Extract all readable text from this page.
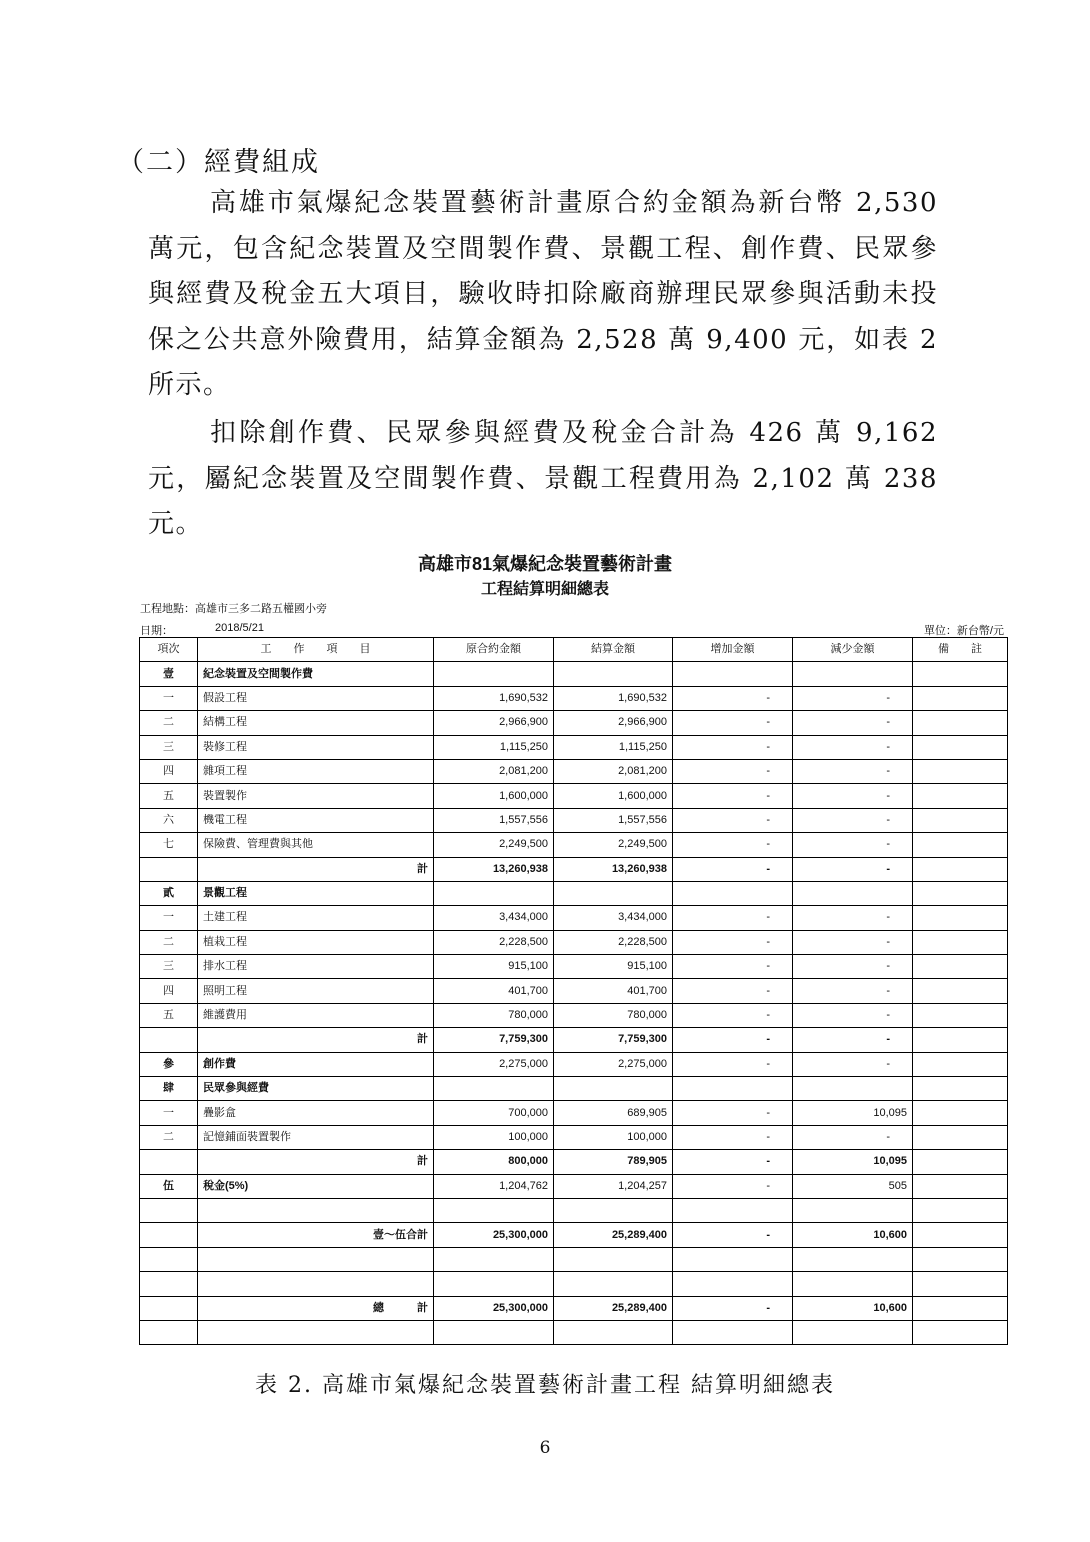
（二）經費組成
高雄市氣爆紀念裝置藝術計畫原合約金額為新台幣 2,530 萬元，包含紀念裝置及空間製作費、景觀工程、創作費、民眾參與經費及稅金五大項目，驗收時扣除廠商辦理民眾參與活動未投保之公共意外險費用，結算金額為 2,528 萬 9,400 元，如表 2 所示。
扣除創作費、民眾參與經費及稅金合計為 426 萬 9,162 元，屬紀念裝置及空間製作費、景觀工程費用為 2,102 萬 238 元。
高雄市81氣爆紀念裝置藝術計畫
工程結算明細總表
工程地點：高雄市三多二路五權國小旁
日期：	2018/5/21	單位：新台幣/元
項次	工　　作　　項　　目	原合約金額	結算金額	增加金額	減少金額	備　　註
壹	紀念裝置及空間製作費					
一	假設工程	1,690,532	1,690,532	-	-	
二	結構工程	2,966,900	2,966,900	-	-	
三	裝修工程	1,115,250	1,115,250	-	-	
四	雜項工程	2,081,200	2,081,200	-	-	
五	裝置製作	1,600,000	1,600,000	-	-	
六	機電工程	1,557,556	1,557,556	-	-	
七	保險費、管理費與其他	2,249,500	2,249,500	-	-	
	計	13,260,938	13,260,938	-	-	
貳	景觀工程					
一	土建工程	3,434,000	3,434,000	-	-	
二	植栽工程	2,228,500	2,228,500	-	-	
三	排水工程	915,100	915,100	-	-	
四	照明工程	401,700	401,700	-	-	
五	維護費用	780,000	780,000	-	-	
	計	7,759,300	7,759,300	-	-	
參	創作費	2,275,000	2,275,000	-	-	
肆	民眾參與經費					
一	疊影盒	700,000	689,905	-	10,095	
二	記憶鋪面裝置製作	100,000	100,000	-	-	
	計	800,000	789,905	-	10,095	
伍	稅金(5%)	1,204,762	1,204,257	-	505	

	壹～伍合計	25,300,000	25,289,400	-	10,600	

	總　　　計	25,300,000	25,289,400	-	10,600	

表 2. 高雄市氣爆紀念裝置藝術計畫工程 結算明細總表
6
